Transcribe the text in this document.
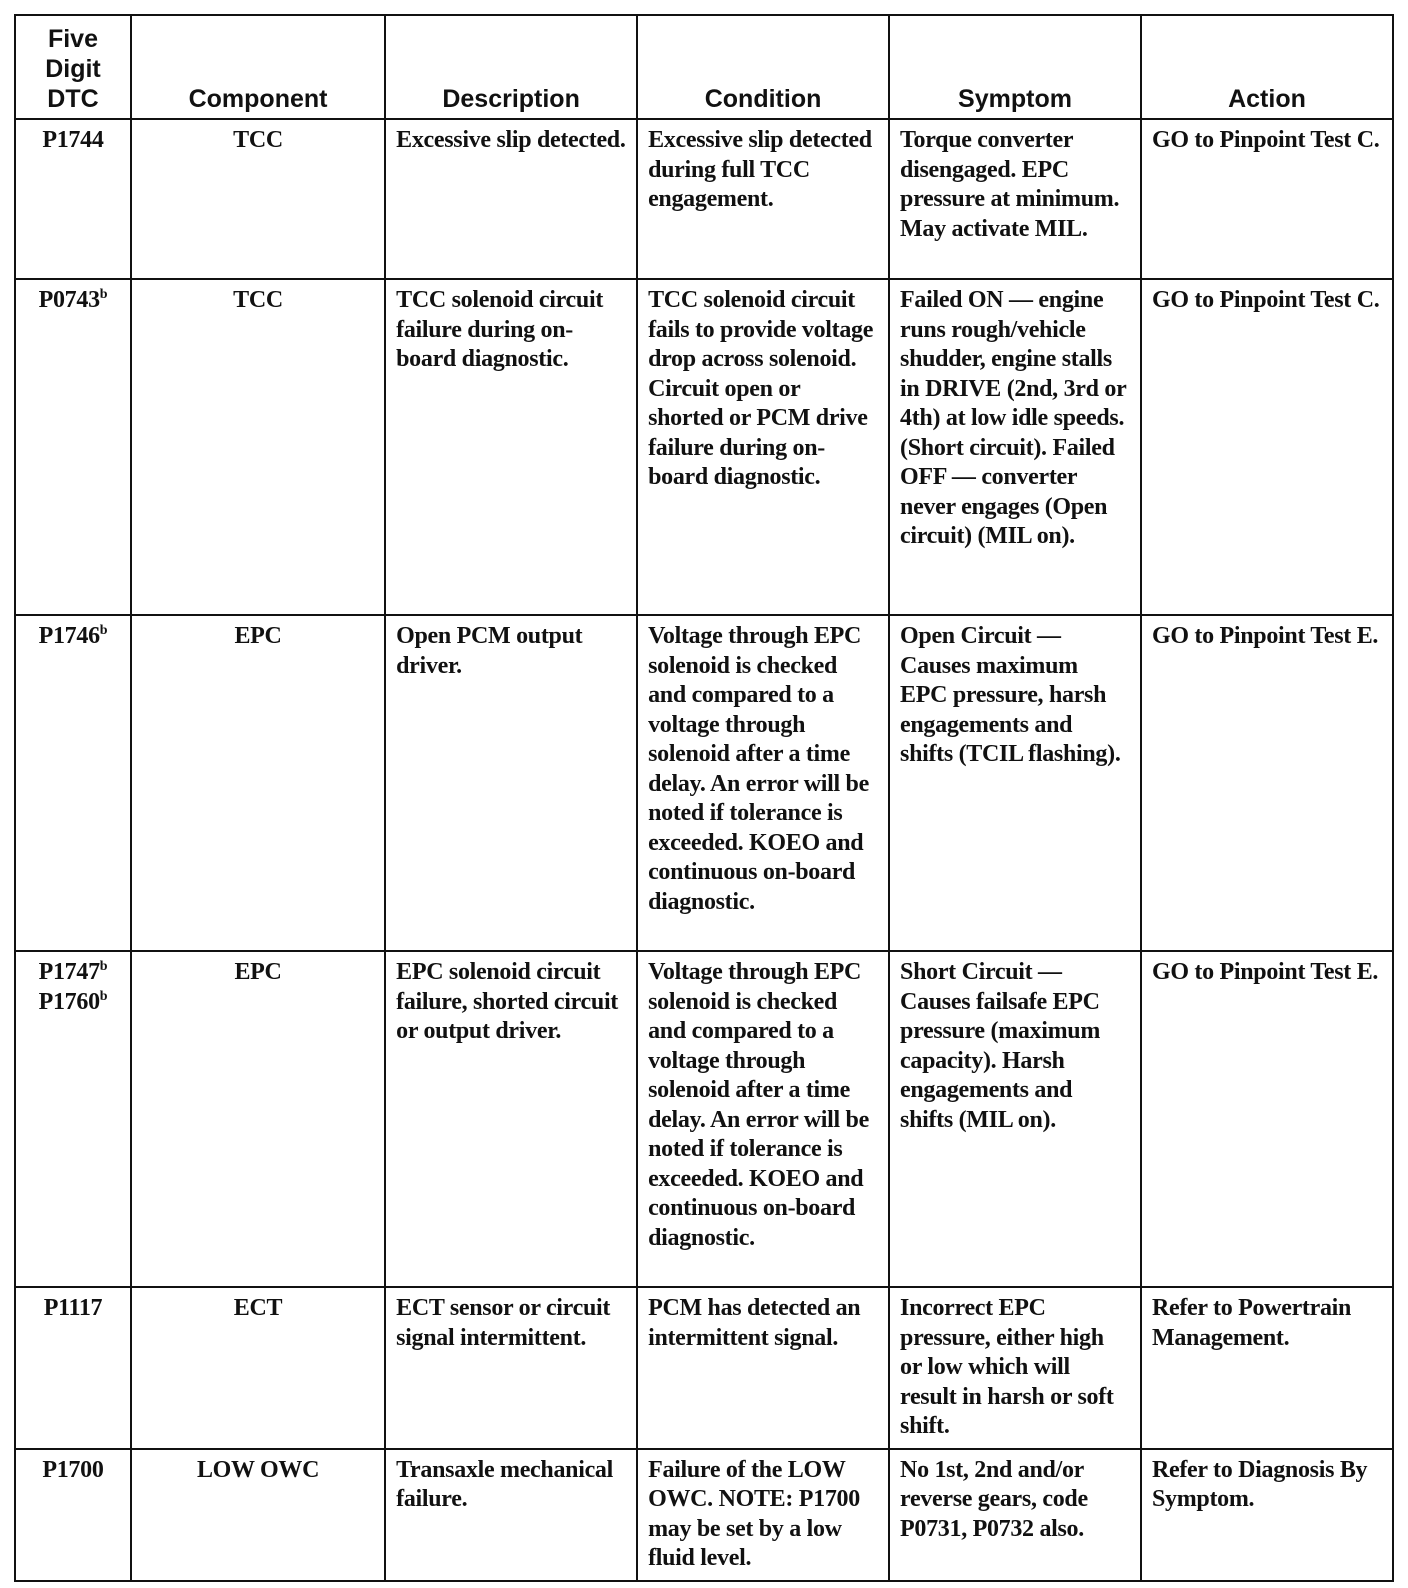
Five
Digit
DTC	Component	Description	Condition	Symptom	Action

P1744	TCC	Excessive slip detected.	Excessive slip detected during full TCC engagement.	Torque converter disengaged. EPC pressure at minimum. May activate MIL.	GO to Pinpoint Test C.

P0743$^b$	TCC	TCC solenoid circuit failure during on-board diagnostic.	TCC solenoid circuit fails to provide voltage drop across solenoid. Circuit open or shorted or PCM drive failure during on-board diagnostic.	Failed ON — engine runs rough/vehicle shudder, engine stalls in DRIVE (2nd, 3rd or 4th) at low idle speeds. (Short circuit). Failed OFF — converter never engages (Open circuit) (MIL on).	GO to Pinpoint Test C.

P1746$^b$	EPC	Open PCM output driver.	Voltage through EPC solenoid is checked and compared to a voltage through solenoid after a time delay. An error will be noted if tolerance is exceeded. KOEO and continuous on-board diagnostic.	Open Circuit — Causes maximum EPC pressure, harsh engagements and shifts (TCIL flashing).	GO to Pinpoint Test E.

P1747$^b$
P1760$^b$	EPC	EPC solenoid circuit failure, shorted circuit or output driver.	Voltage through EPC solenoid is checked and compared to a voltage through solenoid after a time delay. An error will be noted if tolerance is exceeded. KOEO and continuous on-board diagnostic.	Short Circuit — Causes failsafe EPC pressure (maximum capacity). Harsh engagements and shifts (MIL on).	GO to Pinpoint Test E.

P1117	ECT	ECT sensor or circuit signal intermittent.	PCM has detected an intermittent signal.	Incorrect EPC pressure, either high or low which will result in harsh or soft shift.	Refer to Powertrain Management.

P1700	LOW OWC	Transaxle mechanical failure.	Failure of the LOW OWC. NOTE: P1700 may be set by a low fluid level.	No 1st, 2nd and/or reverse gears, code P0731, P0732 also.	Refer to Diagnosis By Symptom.
